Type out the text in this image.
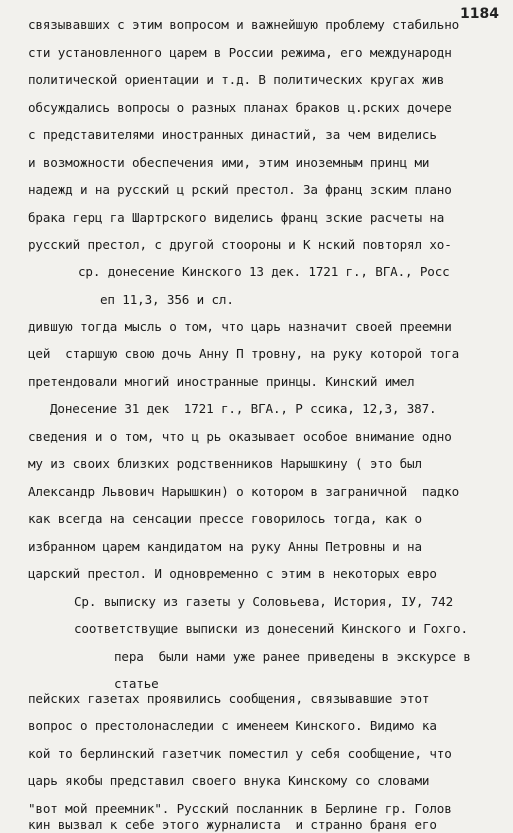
1184
связывавших с этим вопросом и важнейшую проблему стабильно
сти установленного царем в России режима, его международн
политической ориентации и т.д. В политических кругах жив
обсуждались вопросы о разных планах браков ц.рских дочере
с представителями иностранных династий, за чем виделись
и возможности обеспечения ими, этим иноземным принц ми
надежд и на русский ц рский престол. За франц зским плано
брака герц га Шартрского виделись франц зские расчеты на
русский престол, с другой стоороны и К нский повторял хо-
ср. донесение Кинского 13 дек. 1721 г., ВГА., Росс
еп 11,3, 356 и сл.
дившую тогда мысль о том, что царь назначит своей преемни
цей  старшую свою дочь Анну П тровну, на руку которой тога
претендовали многий иностранные принцы. Кинский имел
Донесение 31 дек  1721 г., ВГА., Р ссика, 12,3, 387.
сведения и о том, что ц рь оказывает особое внимание одно
му из своих близких родственников Нарышкину ( это был
Александр Львович Нарышкин) о котором в заграничной  падко
как всегда на сенсации прессе говорилось тогда, как о
избранном царем кандидатом на руку Анны Петровны и на
царский престол. И одновременно с этим в некоторых евро
Ср. выписку из газеты у Соловьева, История, IУ, 742
соответствущие выписки из донесений Кинского и Гохго.
пера  были нами уже ранее приведены в экскурсе в
статье
пейских газетах проявились сообщения, связывавшие этот
вопрос о престолонаследии с именеем Кинского. Видимо ка
кой то берлинский газетчик поместил у себя сообщение, что
царь якобы представил своего внука Кинскому со словами
"вот мой преемник". Русский посланник в Берлине гр. Голов
кин вызвал к себе этого журналиста  и странно браня его
